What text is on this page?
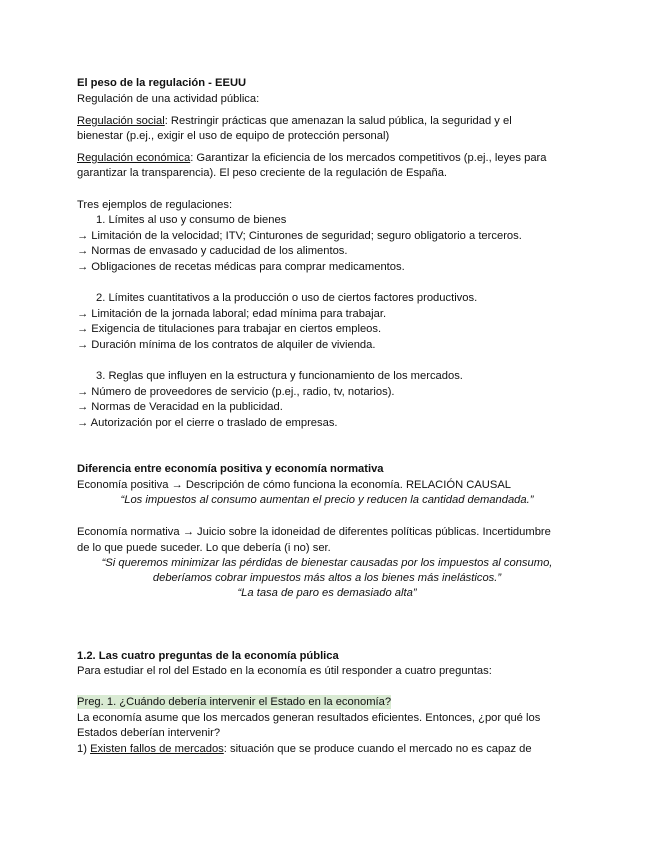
El peso de la regulación - EEUU
Regulación de una actividad pública:
Regulación social: Restringir prácticas que amenazan la salud pública, la seguridad y el
bienestar (p.ej., exigir el uso de equipo de protección personal)
Regulación económica: Garantizar la eficiencia de los mercados competitivos (p.ej., leyes para
garantizar la transparencia). El peso creciente de la regulación de España.
Tres ejemplos de regulaciones:
1. Límites al uso y consumo de bienes
→ Limitación de la velocidad; ITV; Cinturones de seguridad; seguro obligatorio a terceros.
→ Normas de envasado y caducidad de los alimentos.
→ Obligaciones de recetas médicas para comprar medicamentos.
2. Límites cuantitativos a la producción o uso de ciertos factores productivos.
→ Limitación de la jornada laboral; edad mínima para trabajar.
→ Exigencia de titulaciones para trabajar en ciertos empleos.
→ Duración mínima de los contratos de alquiler de vivienda.
3. Reglas que influyen en la estructura y funcionamiento de los mercados.
→ Número de proveedores de servicio (p.ej., radio, tv, notarios).
→ Normas de Veracidad en la publicidad.
→ Autorización por el cierre o traslado de empresas.
Diferencia entre economía positiva y economía normativa
Economía positiva → Descripción de cómo funciona la economía. RELACIÓN CAUSAL
“Los impuestos al consumo aumentan el precio y reducen la cantidad demandada.”
Economía normativa → Juicio sobre la idoneidad de diferentes políticas públicas. Incertidumbre
de lo que puede suceder. Lo que debería (i no) ser.
“Si queremos minimizar las pérdidas de bienestar causadas por los impuestos al consumo,
deberíamos cobrar impuestos más altos a los bienes más inelásticos.”
“La tasa de paro es demasiado alta”
1.2. Las cuatro preguntas de la economía pública
Para estudiar el rol del Estado en la economía es útil responder a cuatro preguntas:
Preg. 1. ¿Cuándo debería intervenir el Estado en la economía?
La economía asume que los mercados generan resultados eficientes. Entonces, ¿por qué los
Estados deberían intervenir?
1) Existen fallos de mercados: situación que se produce cuando el mercado no es capaz de
